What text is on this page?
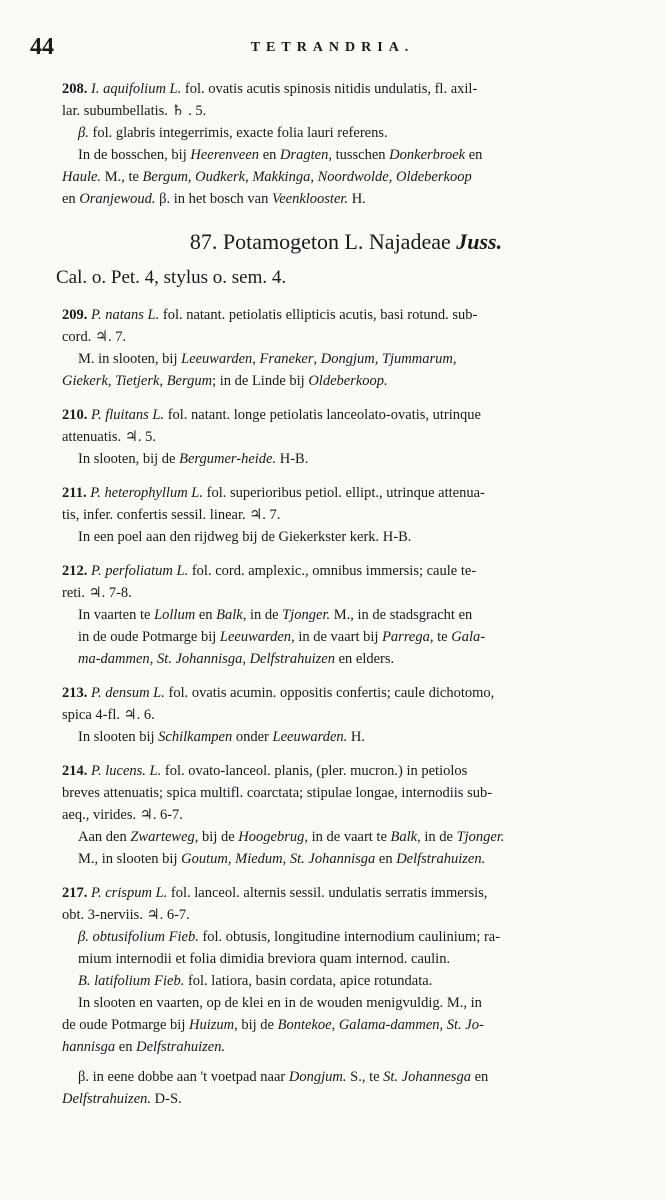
44	TETRANDRIA.

208. I. aquifolium L. fol. ovatis acutis spinosis nitidis undulatis, fl. axil-

lar. subumbellatis. ♄ . 5.

β. fol. glabris integerrimis, exacte folia lauri referens.

In de bosschen, bij Heerenveen en Dragten, tusschen Donkerbroek en

Haule. M., te Bergum, Oudkerk, Makkinga, Noordwolde, Oldeberkoop

en Oranjewoud. β. in het bosch van Veenklooster. H.

87. Potamogeton L. Najadeae Juss.
Cal. o. Pet. 4, stylus o. sem. 4.

209. P. natans L. fol. natant. petiolatis ellipticis acutis, basi rotund. sub-

cord. ♃. 7.

M. in slooten, bij Leeuwarden, Franeker, Dongjum, Tjummarum,

Giekerk, Tietjerk, Bergum; in de Linde bij Oldeberkoop.

210. P. fluitans L. fol. natant. longe petiolatis lanceolato-ovatis, utrinque

attenuatis. ♃. 5.

In slooten, bij de Bergumer-heide. H-B.

211. P. heterophyllum L. fol. superioribus petiol. ellipt., utrinque attenua-

tis, infer. confertis sessil. linear. ♃. 7.

In een poel aan den rijdweg bij de Giekerkster kerk. H-B.

212. P. perfoliatum L. fol. cord. amplexic., omnibus immersis; caule te-

reti. ♃. 7-8.

In vaarten te Lollum en Balk, in de Tjonger. M., in de stadsgracht en

in de oude Potmarge bij Leeuwarden, in de vaart bij Parrega, te Gala-

ma-dammen, St. Johannisga, Delfstrahuizen en elders.

213. P. densum L. fol. ovatis acumin. oppositis confertis; caule dichotomo,

spica 4-fl. ♃. 6.

In slooten bij Schilkampen onder Leeuwarden. H.

214. P. lucens. L. fol. ovato-lanceol. planis, (pler. mucron.) in petiolos

breves attenuatis; spica multifl. coarctata; stipulae longae, internodiis sub-

aeq., virides. ♃. 6-7.

Aan den Zwarteweg, bij de Hoogebrug, in de vaart te Balk, in de Tjonger.

M., in slooten bij Goutum, Miedum, St. Johannisga en Delfstrahuizen.

217. P. crispum L. fol. lanceol. alternis sessil. undulatis serratis immersis,

obt. 3-nerviis. ♃. 6-7.

β. obtusifolium Fieb. fol. obtusis, longitudine internodium caulinium; ra-

mium internodii et folia dimidia breviora quam internod. caulin.

B. latifolium Fieb. fol. latiora, basin cordata, apice rotundata.

In slooten en vaarten, op de klei en in de wouden menigvuldig. M., in

de oude Potmarge bij Huizum, bij de Bontekoe, Galama-dammen, St. Jo-

hannisga en Delfstrahuizen.

β. in eene dobbe aan 't voetpad naar Dongjum. S., te St. Johannesga en

Delfstrahuizen. D-S.
